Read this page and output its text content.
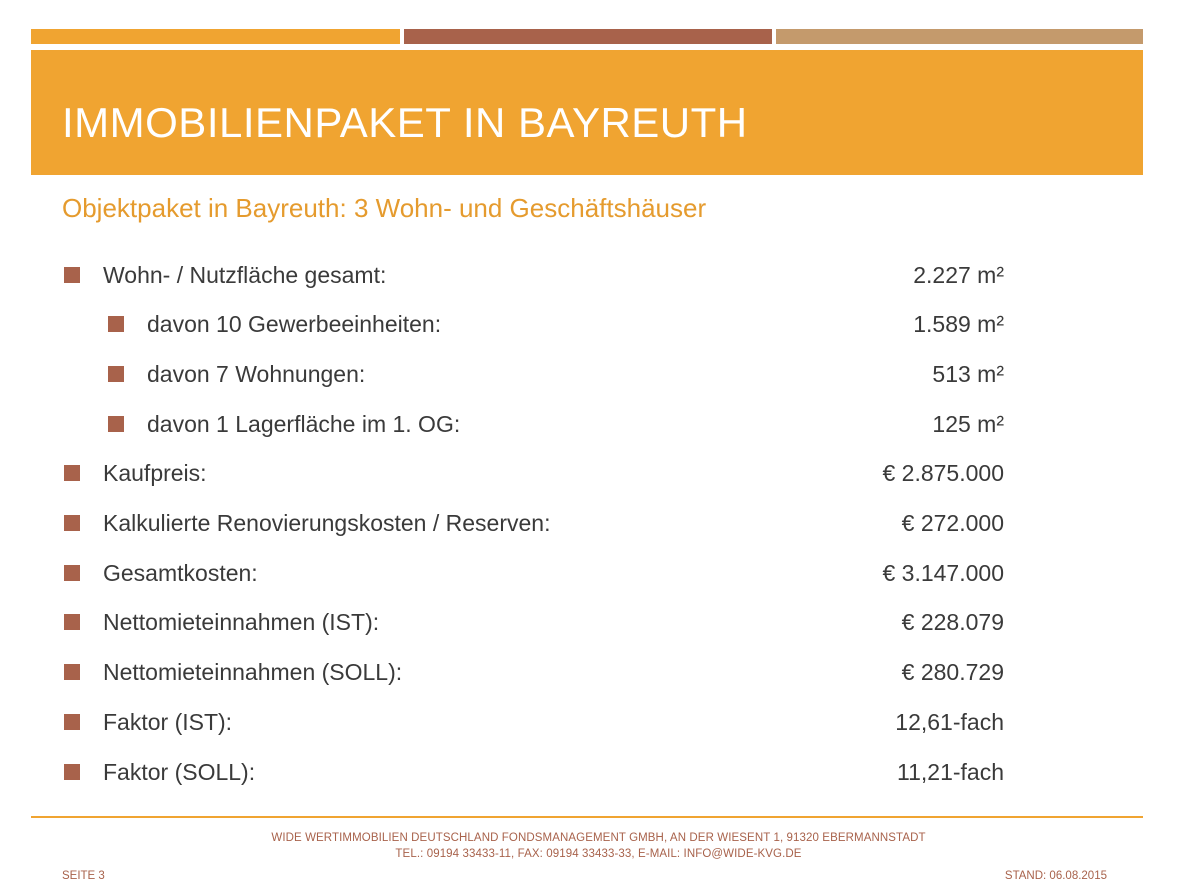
IMMOBILIENPAKET IN BAYREUTH
Objektpaket in Bayreuth: 3 Wohn- und Geschäftshäuser
Wohn- / Nutzfläche gesamt:	2.227 m²
davon 10 Gewerbeeinheiten:	1.589 m²
davon 7 Wohnungen:	513 m²
davon 1 Lagerfläche im 1. OG:	125 m²
Kaufpreis:	€ 2.875.000
Kalkulierte Renovierungskosten / Reserven:	€ 272.000
Gesamtkosten:	€ 3.147.000
Nettomieteinnahmen (IST):	€ 228.079
Nettomieteinnahmen (SOLL):	€ 280.729
Faktor (IST):	12,61-fach
Faktor (SOLL):	11,21-fach
WIDE WERTIMMOBILIEN DEUTSCHLAND FONDSMANAGEMENT GMBH, AN DER WIESENT 1, 91320 EBERMANNSTADT
TEL.: 09194 33433-11, FAX: 09194 33433-33, E-MAIL: INFO@WIDE-KVG.DE
SEITE 3	STAND: 06.08.2015
